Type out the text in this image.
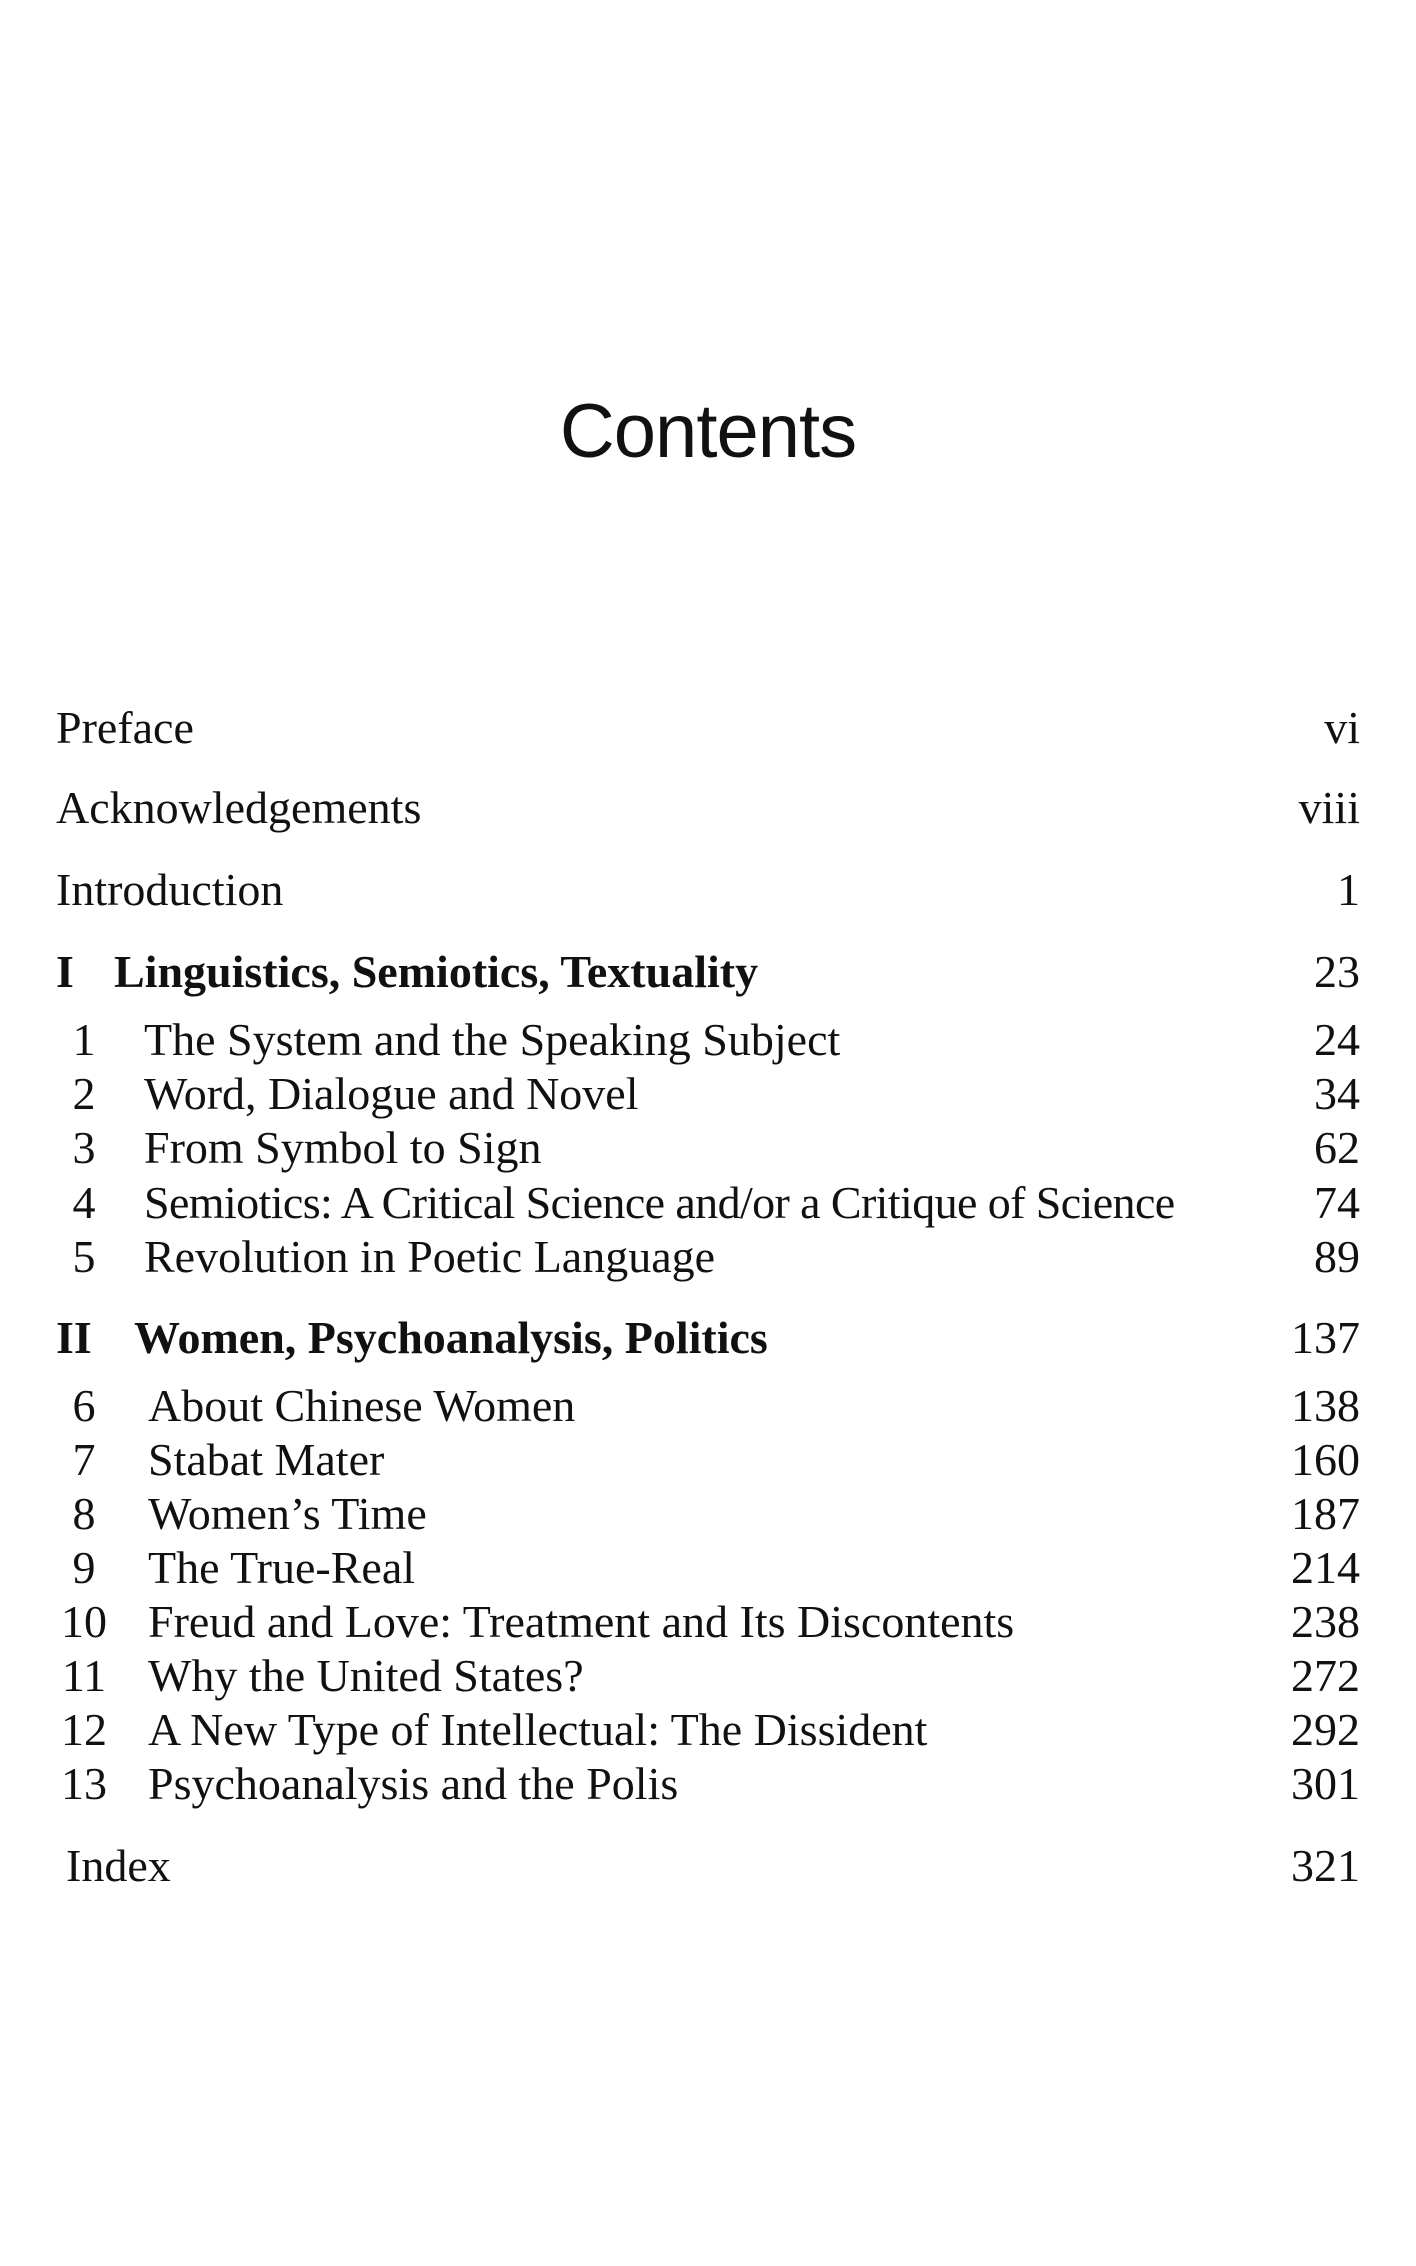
Contents
Preface	vi
Acknowledgements	viii
Introduction	1
I Linguistics, Semiotics, Textuality	23
1	The System and the Speaking Subject	24
2	Word, Dialogue and Novel	34
3	From Symbol to Sign	62
4	Semiotics: A Critical Science and/or a Critique of Science	74
5	Revolution in Poetic Language	89
II Women, Psychoanalysis, Politics	137
6	About Chinese Women	138
7	Stabat Mater	160
8	Women’s Time	187
9	The True-Real	214
10 Freud and Love: Treatment and Its Discontents	238
11 Why the United States?	272
12 A New Type of Intellectual: The Dissident	292
13 Psychoanalysis and the Polis	301
Index	321
